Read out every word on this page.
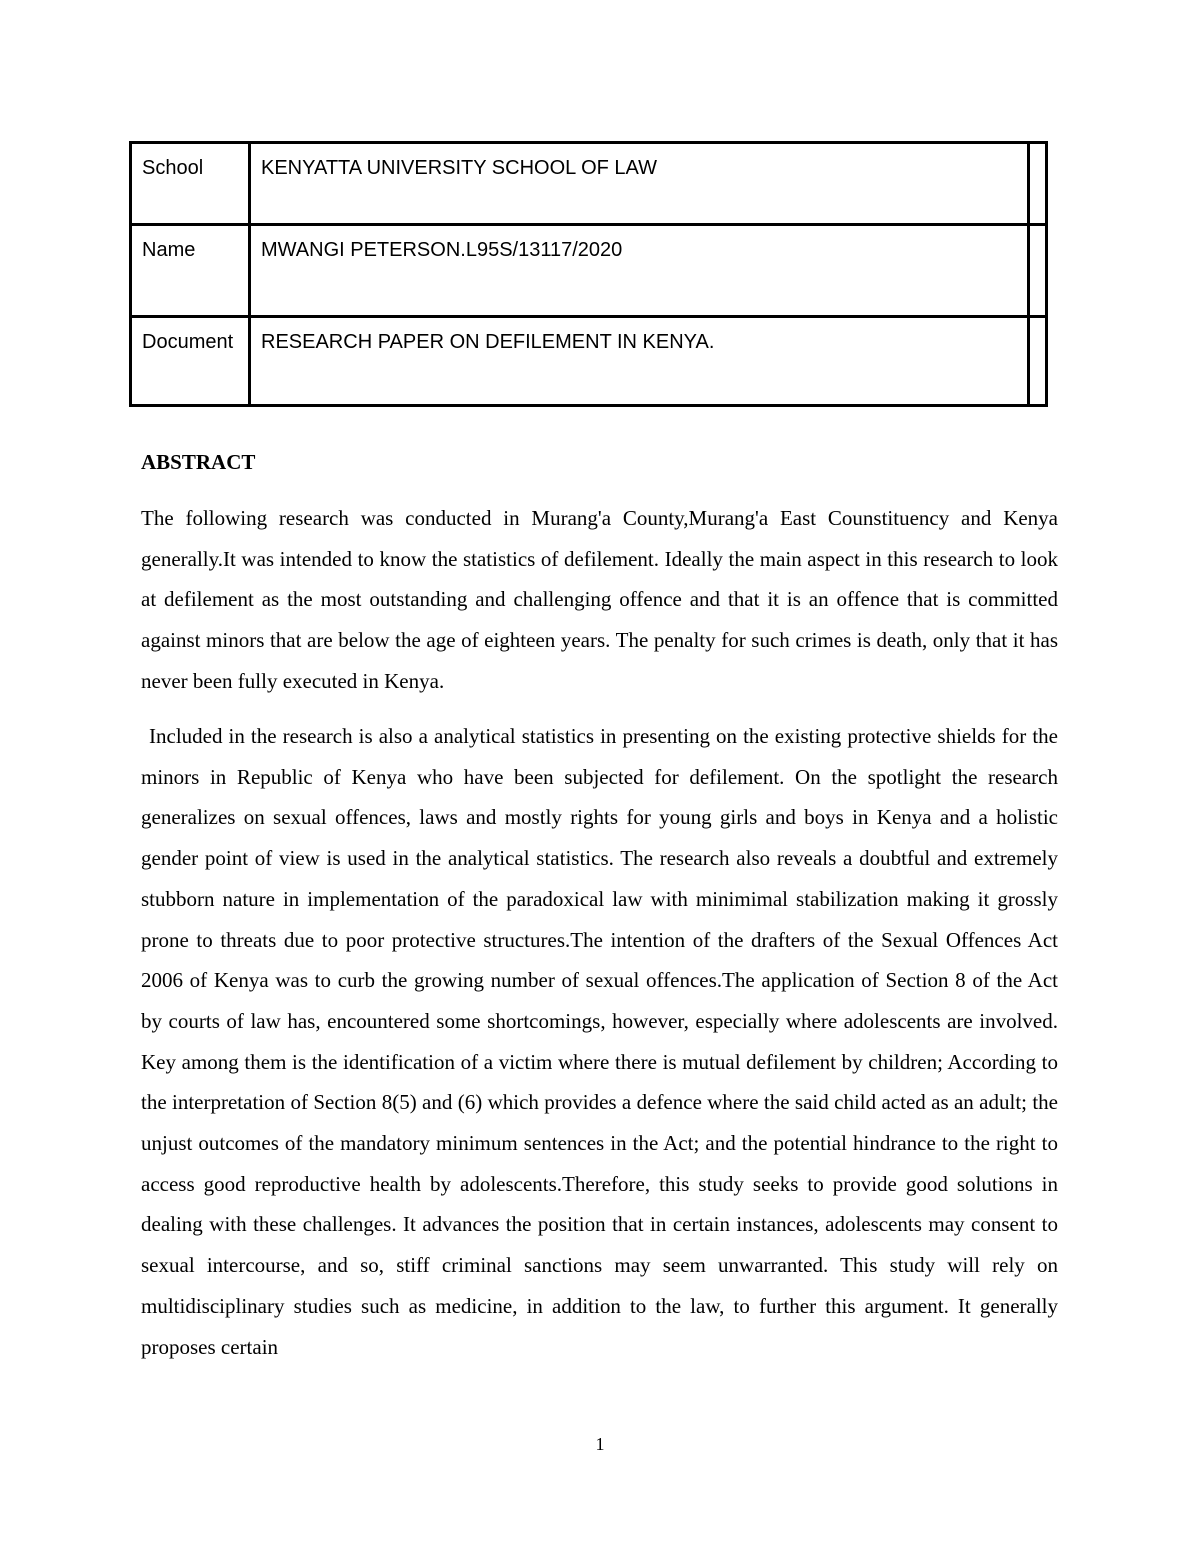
School	KENYATTA UNIVERSITY SCHOOL OF LAW
Name	MWANGI PETERSON.L95S/13117/2020
Document RESEARCH PAPER ON DEFILEMENT IN KENYA.
ABSTRACT

The following research was conducted in Murang'a County,Murang'a East Counstituency and Kenya generally.It was intended to know the statistics of defilement. Ideally the main aspect in this research to look at defilement as the most outstanding and challenging offence and that it is an offence that is committed against minors that are below the age of eighteen years. The penalty for such crimes is death, only that it has never been fully executed in Kenya.

Included in the research is also a analytical statistics in presenting on the existing protective shields for the minors in Republic of Kenya who have been subjected for defilement. On the spotlight the research generalizes on sexual offences, laws and mostly rights for young girls and boys in Kenya and a holistic gender point of view is used in the analytical statistics. The research also reveals a doubtful and extremely stubborn nature in implementation of the paradoxical law with minimimal stabilization making it grossly prone to threats due to poor protective structures.The intention of the drafters of the Sexual Offences Act 2006 of Kenya was to curb the growing number of sexual offences.The application of Section 8 of the Act by courts of law has, encountered some shortcomings, however, especially where adolescents are involved. Key among them is the identification of a victim where there is mutual defilement by children; According to the interpretation of Section 8(5) and (6) which provides a defence where the said child acted as an adult; the unjust outcomes of the mandatory minimum sentences in the Act; and the potential hindrance to the right to access good reproductive health by adolescents.Therefore, this study seeks to provide good solutions in dealing with these challenges. It advances the position that in certain instances, adolescents may consent to sexual intercourse, and so, stiff criminal sanctions may seem unwarranted. This study will rely on multidisciplinary studies such as medicine, in addition to the law, to further this argument. It generally proposes certain

1
